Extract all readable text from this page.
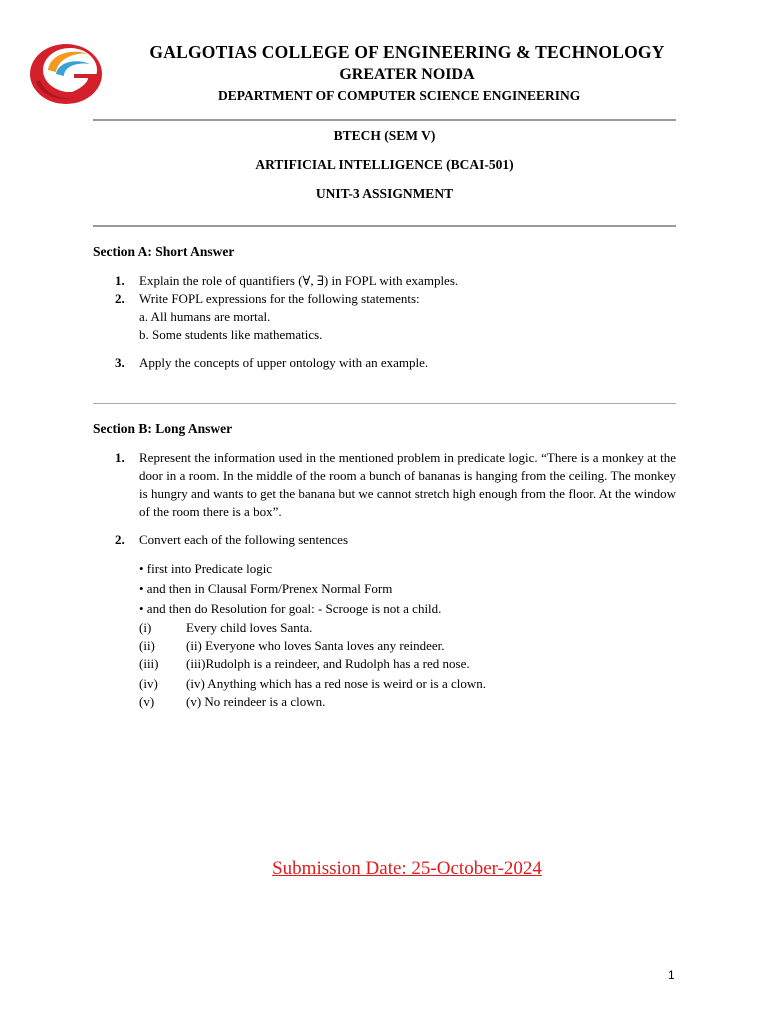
GALGOTIAS COLLEGE OF ENGINEERING & TECHNOLOGY
GREATER NOIDA
DEPARTMENT OF COMPUTER SCIENCE ENGINEERING
BTECH (SEM V)
ARTIFICIAL INTELLIGENCE (BCAI-501)
UNIT-3 ASSIGNMENT
Section A: Short Answer
1. Explain the role of quantifiers (∀, ∃) in FOPL with examples.
2. Write FOPL expressions for the following statements:
a. All humans are mortal.
b. Some students like mathematics.
3. Apply the concepts of upper ontology with an example.
Section B: Long Answer
1. Represent the information used in the mentioned problem in predicate logic. “There is a monkey at the door in a room. In the middle of the room a bunch of bananas is hanging from the ceiling. The monkey is hungry and wants to get the banana but we cannot stretch high enough from the floor. At the window of the room there is a box”.
2. Convert each of the following sentences
• first into Predicate logic
• and then in Clausal Form/Prenex Normal Form
• and then do Resolution for goal: - Scrooge is not a child.
(i)	Every child loves Santa.
(ii) (ii) Everyone who loves Santa loves any reindeer.
(iii) (iii)Rudolph is a reindeer, and Rudolph has a red nose.
(iv) (iv) Anything which has a red nose is weird or is a clown.
(v) (v) No reindeer is a clown.
Submission Date: 25-October-2024
1
